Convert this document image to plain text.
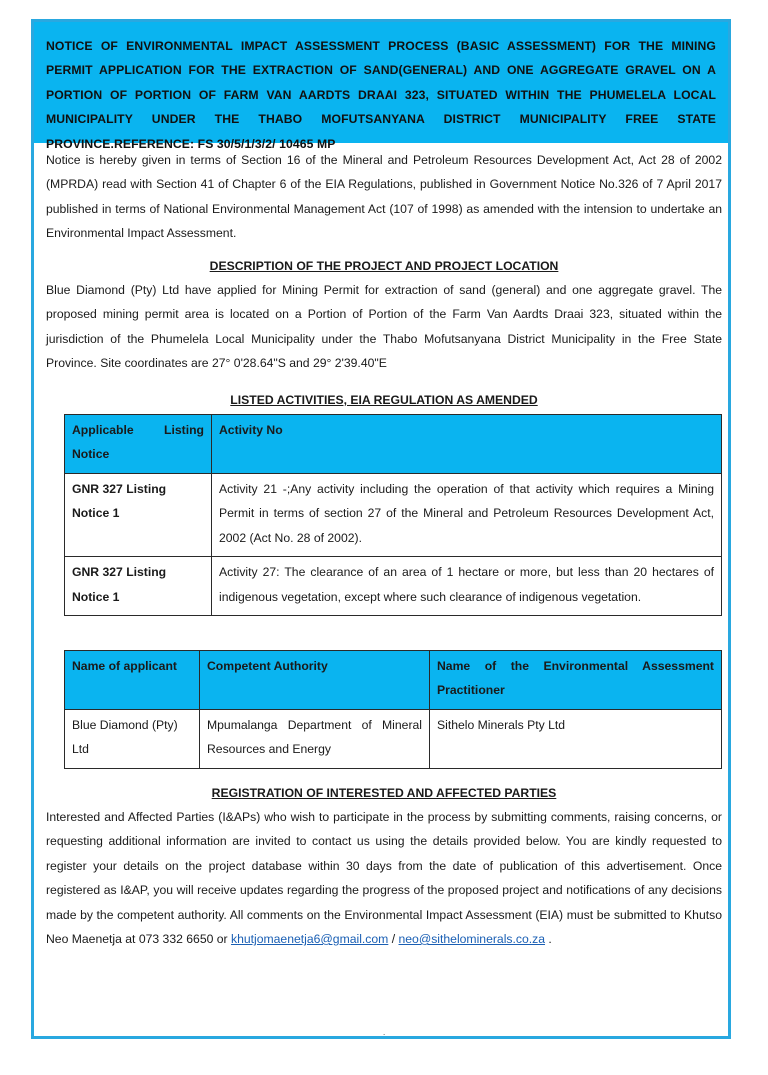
NOTICE OF ENVIRONMENTAL IMPACT ASSESSMENT PROCESS (BASIC ASSESSMENT) FOR THE MINING PERMIT APPLICATION FOR THE EXTRACTION OF SAND(GENERAL) AND ONE AGGREGATE GRAVEL ON A PORTION OF PORTION OF FARM VAN AARDTS DRAAI 323, SITUATED WITHIN THE PHUMELELA LOCAL MUNICIPALITY UNDER THE THABO MOFUTSANYANA DISTRICT MUNICIPALITY FREE STATE PROVINCE.REFERENCE: FS 30/5/1/3/2/ 10465 MP

Notice is hereby given in terms of Section 16 of the Mineral and Petroleum Resources Development Act, Act 28 of 2002 (MPRDA) read with Section 41 of Chapter 6 of the EIA Regulations, published in Government Notice No.326 of 7 April 2017 published in terms of National Environmental Management Act (107 of 1998) as amended with the intension to undertake an Environmental Impact Assessment.

DESCRIPTION OF THE PROJECT AND PROJECT LOCATION

Blue Diamond (Pty) Ltd have applied for Mining Permit for extraction of sand (general) and one aggregate gravel. The proposed mining permit area is located on a Portion of Portion of the Farm Van Aardts Draai 323, situated within the jurisdiction of the Phumelela Local Municipality under the Thabo Mofutsanyana District Municipality in the Free State Province. Site coordinates are 27° 0'28.64"S and 29° 2'39.40"E

LISTED ACTIVITIES, EIA REGULATION AS AMENDED
Applicable Listing Notice	Activity No
GNR 327 Listing Notice 1	Activity 21 -;Any activity including the operation of that activity which requires a Mining Permit in terms of section 27 of the Mineral and Petroleum Resources Development Act, 2002 (Act No. 28 of 2002).
GNR 327 Listing Notice 1	Activity 27: The clearance of an area of 1 hectare or more, but less than 20 hectares of indigenous vegetation, except where such clearance of indigenous vegetation.
Name of applicant	Competent Authority	Name of the Environmental Assessment Practitioner
Blue Diamond (Pty) Ltd	Mpumalanga Department of Mineral Resources and Energy	Sithelo Minerals Pty Ltd
REGISTRATION OF INTERESTED AND AFFECTED PARTIES

Interested and Affected Parties (I&APs) who wish to participate in the process by submitting comments, raising concerns, or requesting additional information are invited to contact us using the details provided below. You are kindly requested to register your details on the project database within 30 days from the date of publication of this advertisement. Once registered as I&AP, you will receive updates regarding the progress of the proposed project and notifications of any decisions made by the competent authority. All comments on the Environmental Impact Assessment (EIA) must be submitted to Khutso Neo Maenetja at 073 332 6650 or khutjomaenetja6@gmail.com / neo@sithelominerals.co.za .

.
